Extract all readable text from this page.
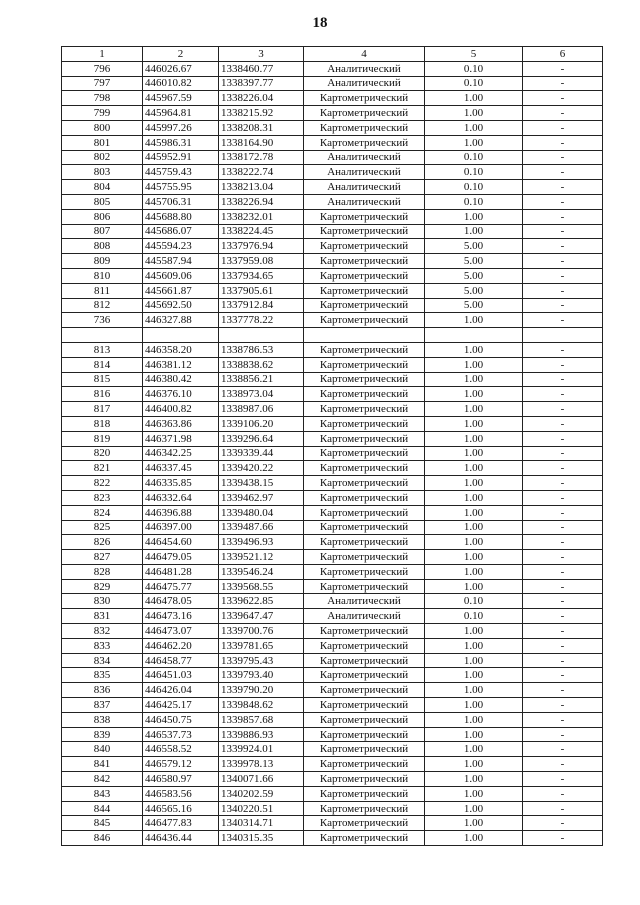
18
1	2	3	4	5	6
796	446026.67	1338460.77	Аналитический	0.10	-
797	446010.82	1338397.77	Аналитический	0.10	-
798	445967.59	1338226.04	Картометрический	1.00	-
799	445964.81	1338215.92	Картометрический	1.00	-
800	445997.26	1338208.31	Картометрический	1.00	-
801	445986.31	1338164.90	Картометрический	1.00	-
802	445952.91	1338172.78	Аналитический	0.10	-
803	445759.43	1338222.74	Аналитический	0.10	-
804	445755.95	1338213.04	Аналитический	0.10	-
805	445706.31	1338226.94	Аналитический	0.10	-
806	445688.80	1338232.01	Картометрический	1.00	-
807	445686.07	1338224.45	Картометрический	1.00	-
808	445594.23	1337976.94	Картометрический	5.00	-
809	445587.94	1337959.08	Картометрический	5.00	-
810	445609.06	1337934.65	Картометрический	5.00	-
811	445661.87	1337905.61	Картометрический	5.00	-
812	445692.50	1337912.84	Картометрический	5.00	-
736	446327.88	1337778.22	Картометрический	1.00	-

813	446358.20	1338786.53	Картометрический	1.00	-
814	446381.12	1338838.62	Картометрический	1.00	-
815	446380.42	1338856.21	Картометрический	1.00	-
816	446376.10	1338973.04	Картометрический	1.00	-
817	446400.82	1338987.06	Картометрический	1.00	-
818	446363.86	1339106.20	Картометрический	1.00	-
819	446371.98	1339296.64	Картометрический	1.00	-
820	446342.25	1339339.44	Картометрический	1.00	-
821	446337.45	1339420.22	Картометрический	1.00	-
822	446335.85	1339438.15	Картометрический	1.00	-
823	446332.64	1339462.97	Картометрический	1.00	-
824	446396.88	1339480.04	Картометрический	1.00	-
825	446397.00	1339487.66	Картометрический	1.00	-
826	446454.60	1339496.93	Картометрический	1.00	-
827	446479.05	1339521.12	Картометрический	1.00	-
828	446481.28	1339546.24	Картометрический	1.00	-
829	446475.77	1339568.55	Картометрический	1.00	-
830	446478.05	1339622.85	Аналитический	0.10	-
831	446473.16	1339647.47	Аналитический	0.10	-
832	446473.07	1339700.76	Картометрический	1.00	-
833	446462.20	1339781.65	Картометрический	1.00	-
834	446458.77	1339795.43	Картометрический	1.00	-
835	446451.03	1339793.40	Картометрический	1.00	-
836	446426.04	1339790.20	Картометрический	1.00	-
837	446425.17	1339848.62	Картометрический	1.00	-
838	446450.75	1339857.68	Картометрический	1.00	-
839	446537.73	1339886.93	Картометрический	1.00	-
840	446558.52	1339924.01	Картометрический	1.00	-
841	446579.12	1339978.13	Картометрический	1.00	-
842	446580.97	1340071.66	Картометрический	1.00	-
843	446583.56	1340202.59	Картометрический	1.00	-
844	446565.16	1340220.51	Картометрический	1.00	-
845	446477.83	1340314.71	Картометрический	1.00	-
846	446436.44	1340315.35	Картометрический	1.00	-
